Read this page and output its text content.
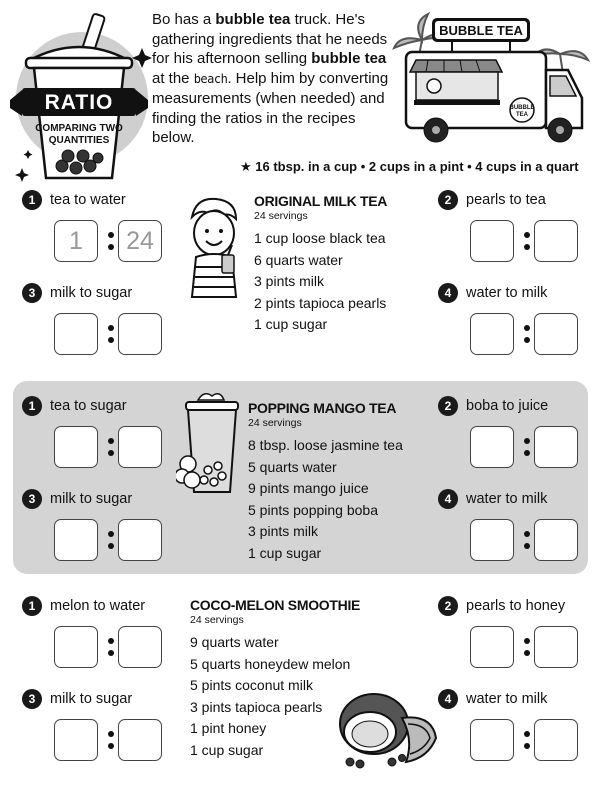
RATIO
COMPARING TWO
QUANTITIES
Bo has a bubble tea truck. He's gathering ingredients that he needs for his afternoon selling bubble tea at the beach. Help him by converting measurements (when needed) and finding the ratios in the recipes below.
BUBBLE TEA
BUBBLE
TEA
★ 16 tbsp. in a cup • 2 cups in a pint • 4 cups in a quart
1	tea to water
1	24
2	pearls to tea
3	milk to sugar	4	water to milk
ORIGINAL MILK TEA
24 servings
1 cup loose black tea
6 quarts water
3 pints milk
2 pints tapioca pearls
1 cup sugar
1	tea to sugar	2	boba to juice
3	milk to sugar	4	water to milk
POPPING MANGO TEA
24 servings
8 tbsp. loose jasmine tea
5 quarts water
9 pints mango juice
5 pints popping boba
3 pints milk
1 cup sugar
1	melon to water	2	pearls to honey
3	milk to sugar	4	water to milk
COCO-MELON SMOOTHIE
24 servings
9 quarts water
5 quarts honeydew melon
5 pints coconut milk
3 pints tapioca pearls
1 pint honey
1 cup sugar
